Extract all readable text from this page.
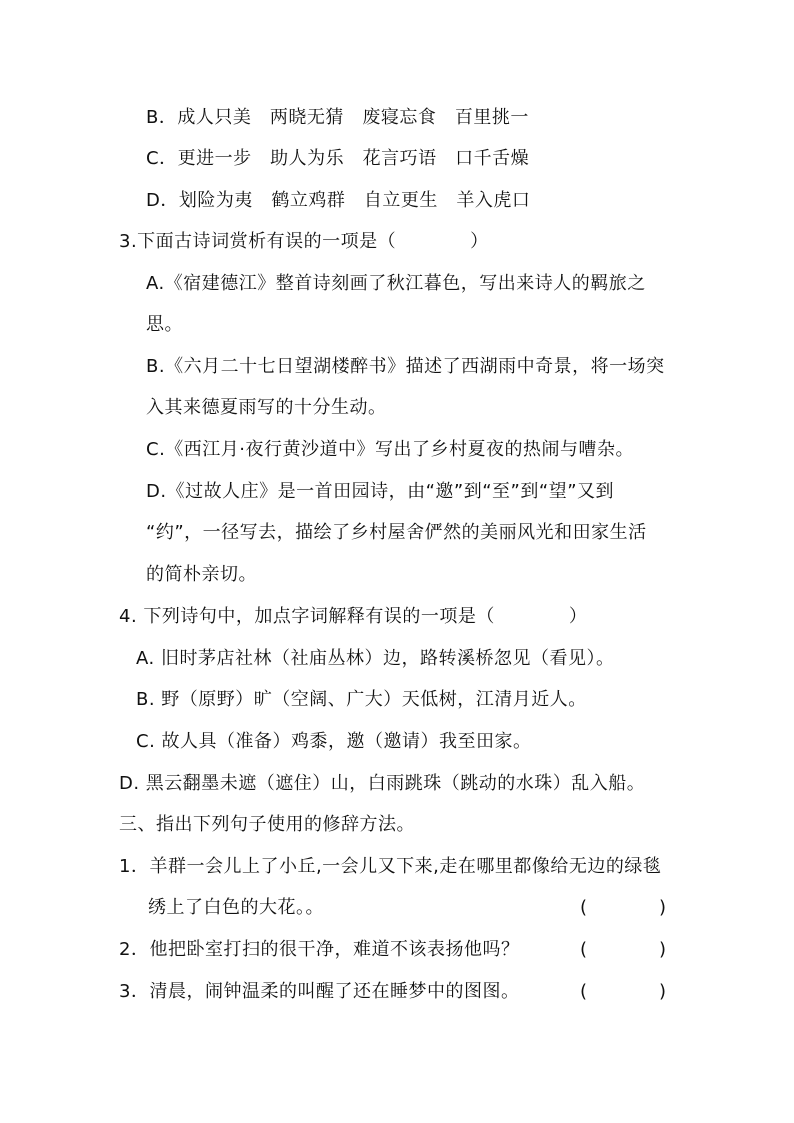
B．成人只美　两晓无猜　废寝忘食　百里挑一
C．更进一步　助人为乐　花言巧语　口千舌燥
D．划险为夷　鹤立鸡群　自立更生　羊入虎口
3.下面古诗词赏析有误的一项是（　　　　）
A.《宿建德江》整首诗刻画了秋江暮色，写出来诗人的羁旅之
思。
B.《六月二十七日望湖楼醉书》描述了西湖雨中奇景，将一场突
入其来德夏雨写的十分生动。
C.《西江月·夜行黄沙道中》写出了乡村夏夜的热闹与嘈杂。
D.《过故人庄》是一首田园诗，由“邀”到“至”到“望”又到
“约”，一径写去，描绘了乡村屋舍俨然的美丽风光和田家生活
的简朴亲切。
4. 下列诗句中，加点字词解释有误的一项是（　　　　）
A. 旧时茅店社林（社庙丛林）边，路转溪桥忽见（看见）。
B. 野（原野）旷（空阔、广大）天低树，江清月近人。
C. 故人具（准备）鸡黍，邀（邀请）我至田家。
D. 黑云翻墨未遮（遮住）山，白雨跳珠（跳动的水珠）乱入船。
三、指出下列句子使用的修辞方法。
1．羊群一会儿上了小丘,一会儿又下来,走在哪里都像给无边的绿毯
绣上了白色的大花。。	(　　　　)
2．他把卧室打扫的很干净，难道不该表扬他吗？	(　　　　)
3．清晨，闹钟温柔的叫醒了还在睡梦中的图图。	(　　　　)
